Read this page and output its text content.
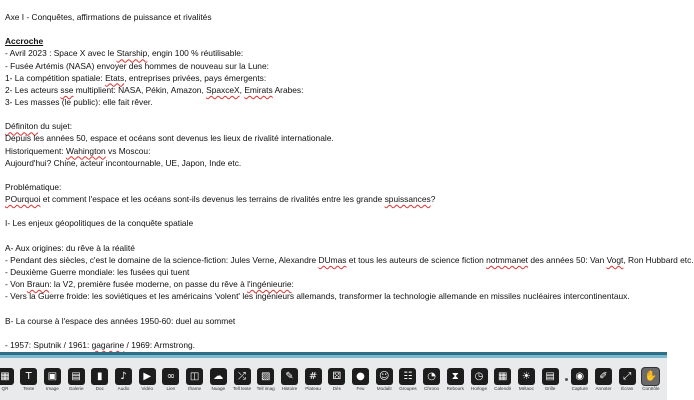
Axe I - Conquêtes, affirmations de puissance et rivalités
Accroche
- Avril 2023 : Space X avec le Starship, engin 100 % réutilisable:
- Fusée Artémis (NASA) envoyer des hommes de nouveau sur la Lune:
1- La compétition spatiale: Etats, entreprises privées, pays émergents:
2- Les acteurs sse multiplient: NASA, Pékin, Amazon, SpaxceX, Emirats Arabes:
3- Les masses (le public): elle fait rêver.
Définiton du sujet:
Depuis les années 50, espace et océans sont devenus les lieux de rivalité internationale.
Historiquement: Wahington vs Moscou:
Aujourd'hui? Chine, acteur incontournable, UE, Japon, Inde etc.
Problématique:
POurquoi et comment l'espace et les océans sont-ils devenus les terrains de rivalités entre les grande spuissances?
I- Les enjeux géopolitiques de la conquête spatiale
A- Aux origines: du rêve à la réalité
- Pendant des siècles, c'est le domaine de la science-fiction: Jules Verne, Alexandre DUmas et tous les auteurs de science fiction notmmanet des années 50: Van Vogt, Ron Hubbard etc.
- Deuxième Guerre mondiale: les fusées qui tuent
- Von Braun: la V2, première fusée moderne, on passe du rêve à l'ingénieurie:
- Vers la Guerre froide: les soviétiques et les américains 'volent' les ingénieurs allemands, transformer la technologie allemande en missiles nucléaires intercontinentaux.
B- La course à l'espace des années 1950-60: duel au sommet
- 1957: Sputnik / 1961: gagarine / 1969: Armstrong.
▦
QR
T
Texte
▣
Image
▤
Galerie
▮
Doc
♪
Audio
▶
Vidéo
∞
Lien
◫
Iframe
☁
Nuage
⤮
Tell texte
▧
Tell imag
✎
Histoire
#
Plateau
⚄
Dés
●
Feu
☺
Modalit
☷
Groupes
◔
Chrono
⧗
Rebours
◷
Horloge
▦
Calendri
☀
Métaoc
▤
Grille
◉
Capture
✐
Annoter
⤢
Écran
✋
Contrôle
